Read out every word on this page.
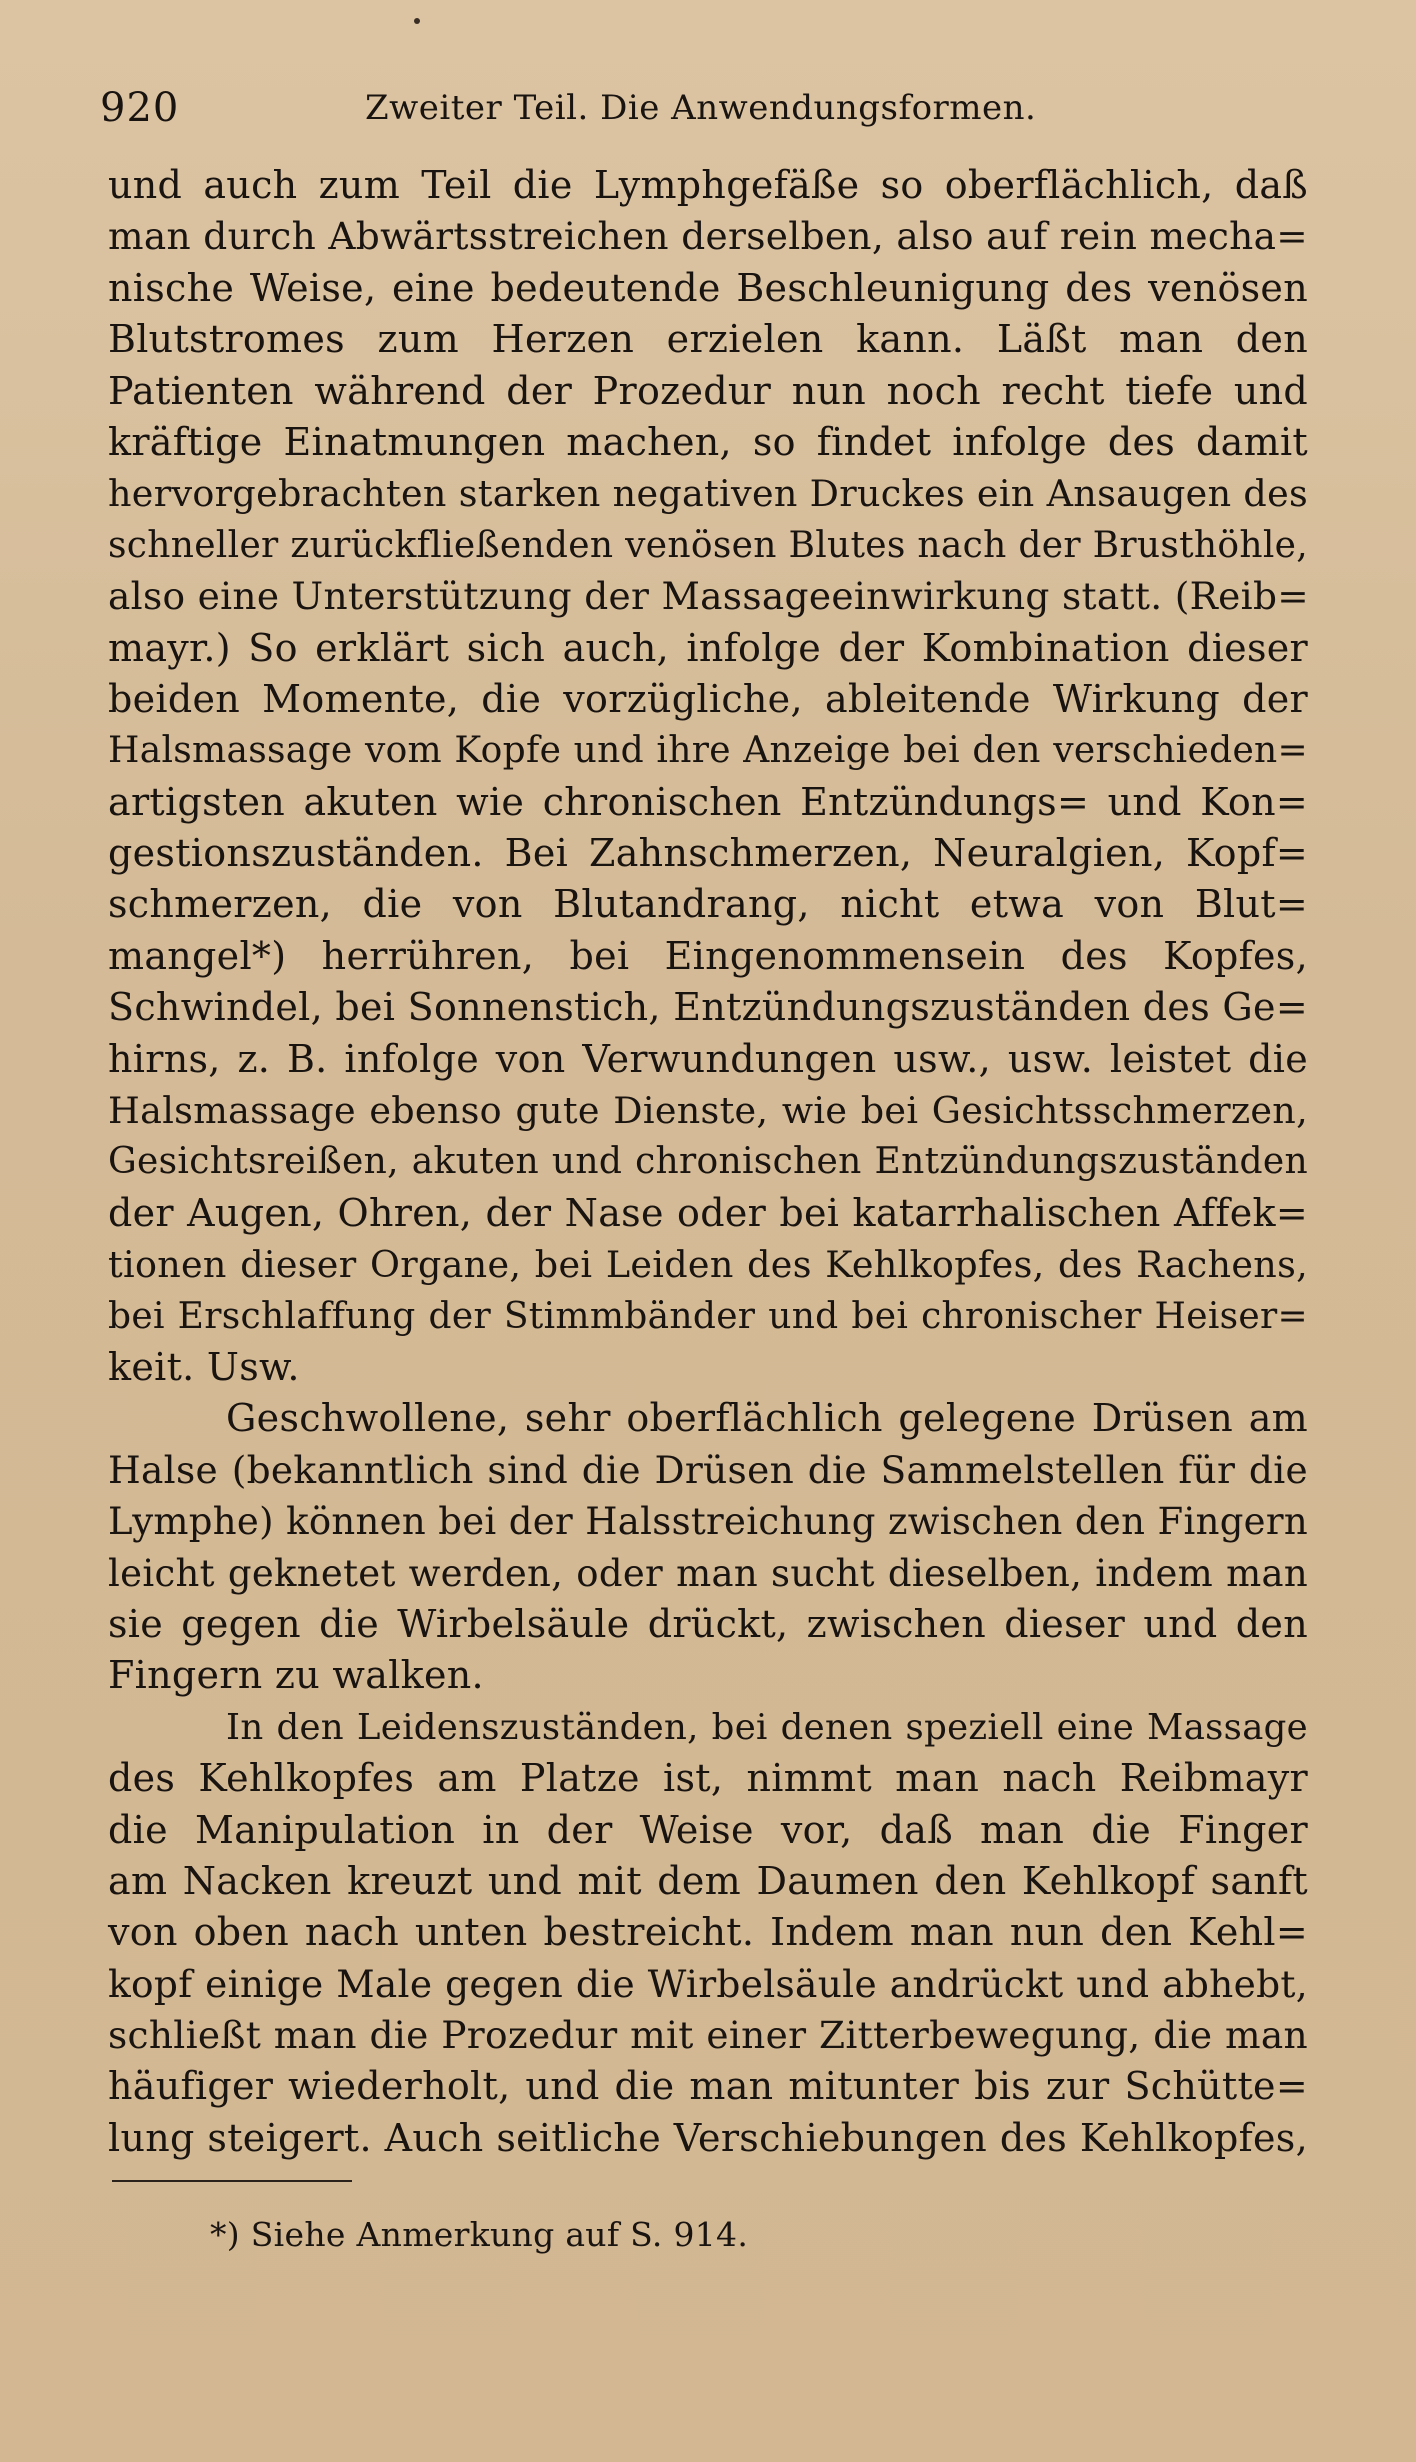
920	Zweiter Teil. Die Anwendungsformen.
und auch zum Teil die Lymphgefäße so oberflächlich, daß
man durch Abwärtsstreichen derselben, also auf rein mecha=
nische Weise, eine bedeutende Beschleunigung des venösen
Blutstromes zum Herzen erzielen kann. Läßt man den
Patienten während der Prozedur nun noch recht tiefe und
kräftige Einatmungen machen, so findet infolge des damit
hervorgebrachten starken negativen Druckes ein Ansaugen des
schneller zurückfließenden venösen Blutes nach der Brusthöhle,
also eine Unterstützung der Massageeinwirkung statt. (Reib=
mayr.) So erklärt sich auch, infolge der Kombination dieser
beiden Momente, die vorzügliche, ableitende Wirkung der
Halsmassage vom Kopfe und ihre Anzeige bei den verschieden=
artigsten akuten wie chronischen Entzündungs= und Kon=
gestionszuständen. Bei Zahnschmerzen, Neuralgien, Kopf=
schmerzen, die von Blutandrang, nicht etwa von Blut=
mangel*) herrühren, bei Eingenommensein des Kopfes,
Schwindel, bei Sonnenstich, Entzündungszuständen des Ge=
hirns, z. B. infolge von Verwundungen usw., usw. leistet die
Halsmassage ebenso gute Dienste, wie bei Gesichtsschmerzen,
Gesichtsreißen, akuten und chronischen Entzündungszuständen
der Augen, Ohren, der Nase oder bei katarrhalischen Affek=
tionen dieser Organe, bei Leiden des Kehlkopfes, des Rachens,
bei Erschlaffung der Stimmbänder und bei chronischer Heiser=
keit. Usw.
Geschwollene, sehr oberflächlich gelegene Drüsen am
Halse (bekanntlich sind die Drüsen die Sammelstellen für die
Lymphe) können bei der Halsstreichung zwischen den Fingern
leicht geknetet werden, oder man sucht dieselben, indem man
sie gegen die Wirbelsäule drückt, zwischen dieser und den
Fingern zu walken.
In den Leidenszuständen, bei denen speziell eine Massage
des Kehlkopfes am Platze ist, nimmt man nach Reibmayr
die Manipulation in der Weise vor, daß man die Finger
am Nacken kreuzt und mit dem Daumen den Kehlkopf sanft
von oben nach unten bestreicht. Indem man nun den Kehl=
kopf einige Male gegen die Wirbelsäule andrückt und abhebt,
schließt man die Prozedur mit einer Zitterbewegung, die man
häufiger wiederholt, und die man mitunter bis zur Schütte=
lung steigert. Auch seitliche Verschiebungen des Kehlkopfes,
*) Siehe Anmerkung auf S. 914.
